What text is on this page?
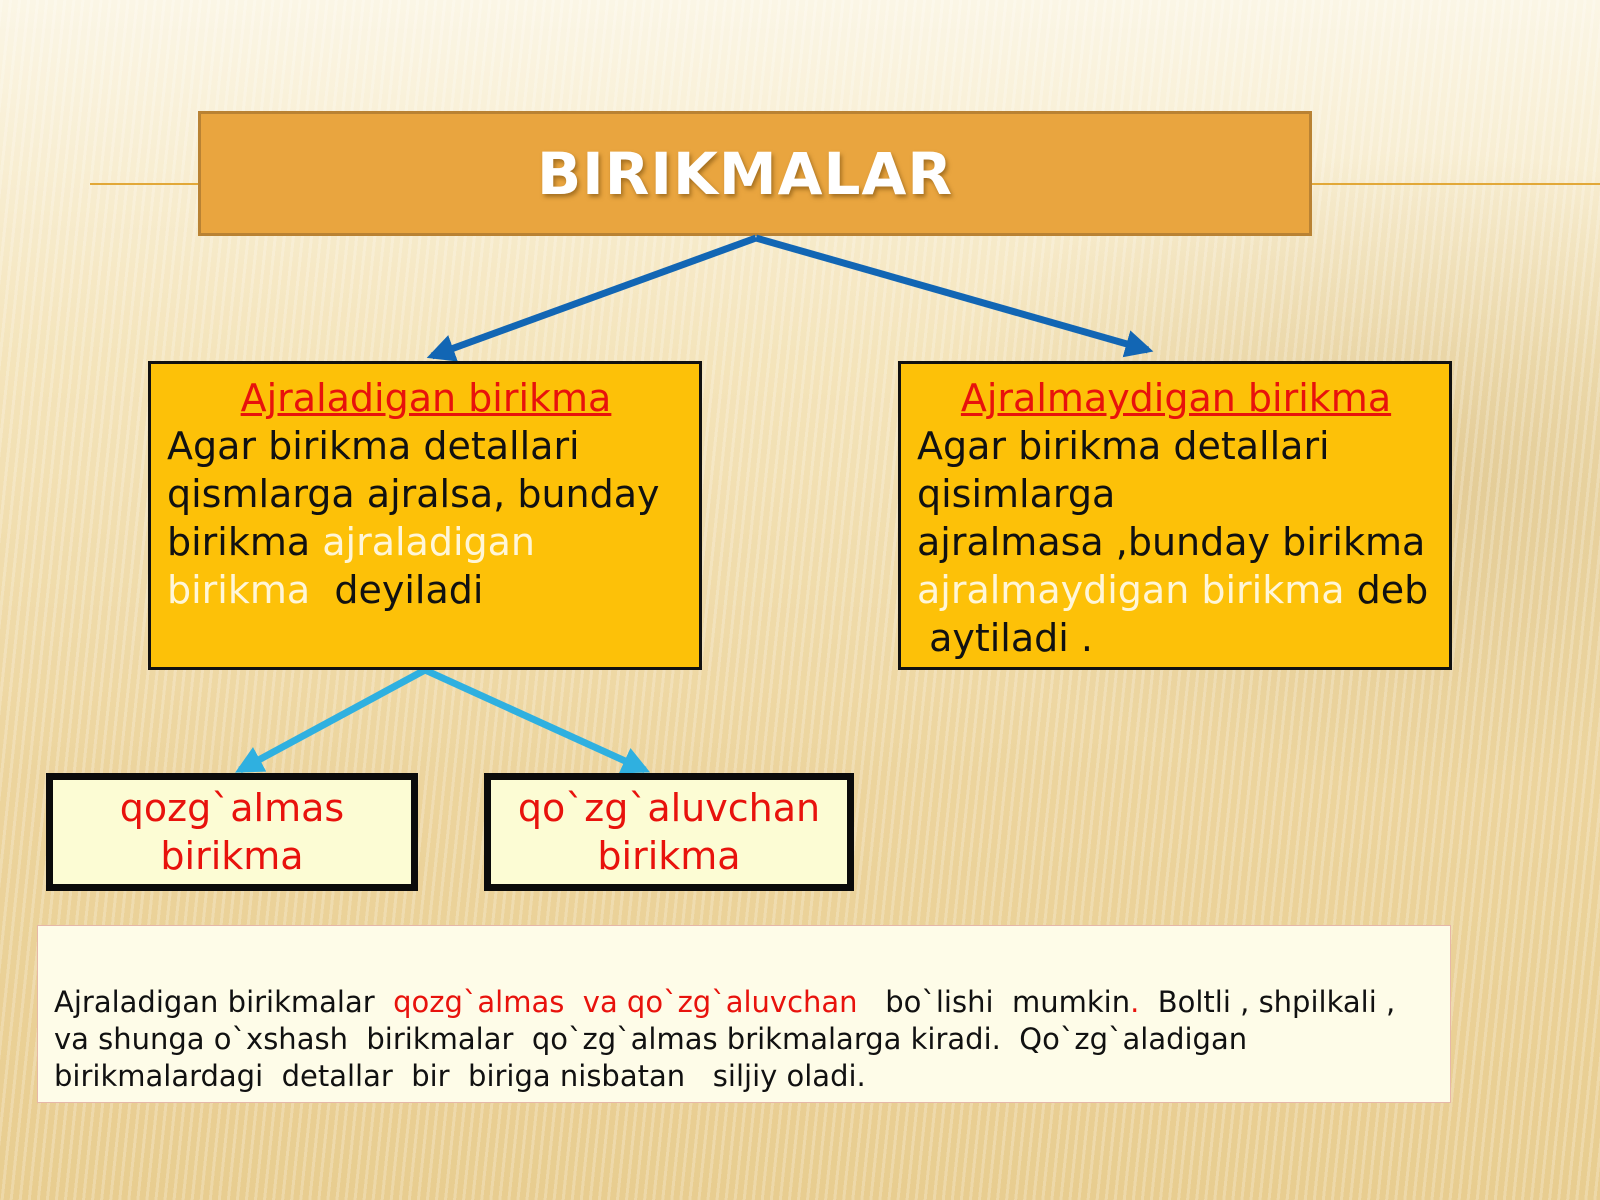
BIRIKMALAR
Ajraladigan birikma
Agar birikma detallari
qismlarga ajralsa, bunday
birikma ajraladigan
birikma deyiladi
Ajralmaydigan birikma
Agar birikma detallari
qisimlarga
ajralmasa ,bunday birikma
ajralmaydigan birikma deb
aytiladi .
qozg`almas
birikma
qo`zg`aluvchan
birikma
Ajraladigan birikmalar  qozg`almas  va qo`zg`aluvchan   bo`lishi  mumkin.  Boltli , shpilkali ,  va shunga o`xshash  birikmalar  qo`zg`almas brikmalarga kiradi.  Qo`zg`aladigan  birikmalardagi  detallar  bir  biriga nisbatan   siljiy oladi.
